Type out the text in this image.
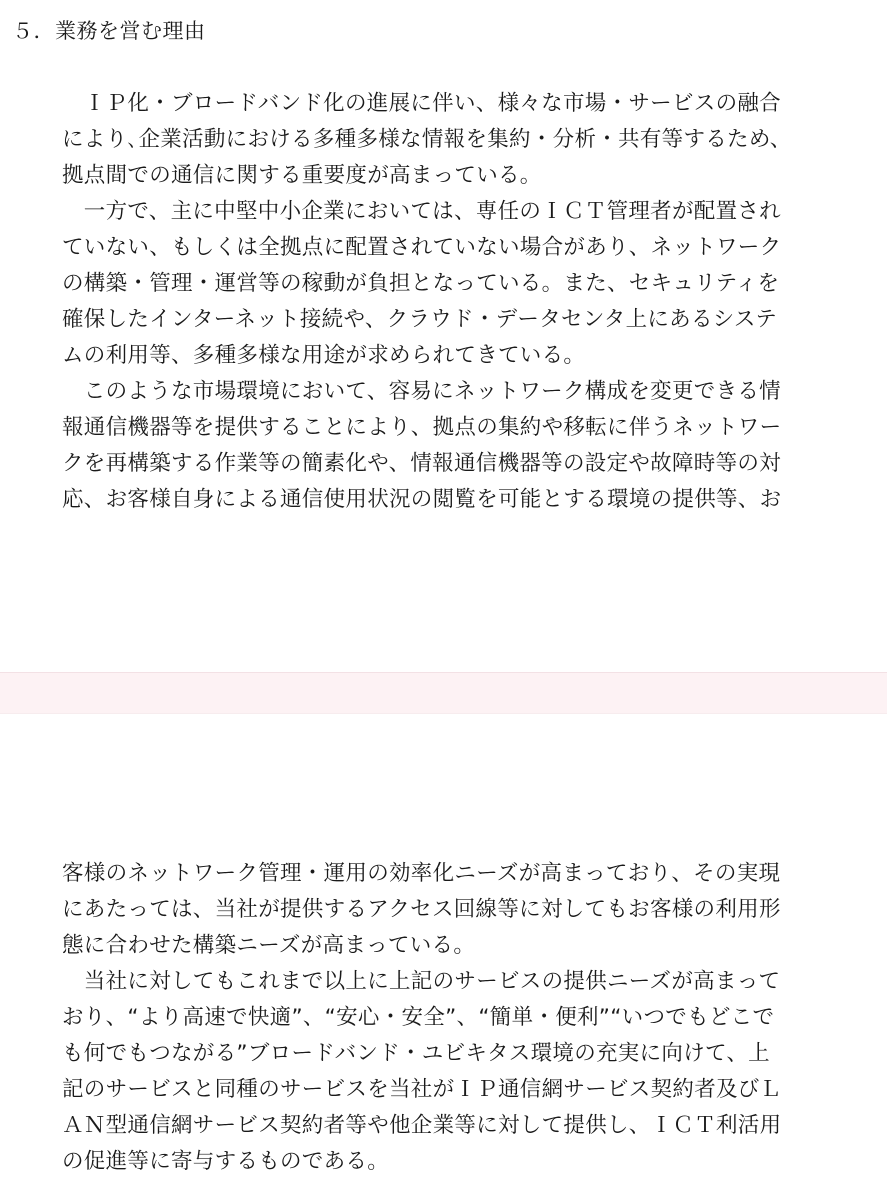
５．業務を営む理由
　ＩＰ化・ブロードバンド化の進展に伴い、様々な市場・サービスの融合
により､企業活動における多種多様な情報を集約・分析・共有等するため、
拠点間での通信に関する重要度が高まっている。
　一方で、主に中堅中小企業においては、専任のＩＣＴ管理者が配置され
ていない、もしくは全拠点に配置されていない場合があり、ネットワーク
の構築・管理・運営等の稼動が負担となっている。また、セキュリティを
確保したインターネット接続や、クラウド・データセンタ上にあるシステ
ムの利用等、多種多様な用途が求められてきている。
　このような市場環境において、容易にネットワーク構成を変更できる情
報通信機器等を提供することにより、拠点の集約や移転に伴うネットワー
クを再構築する作業等の簡素化や、情報通信機器等の設定や故障時等の対
応、お客様自身による通信使用状況の閲覧を可能とする環境の提供等、お
客様のネットワーク管理・運用の効率化ニーズが高まっており、その実現
にあたっては、当社が提供するアクセス回線等に対してもお客様の利用形
態に合わせた構築ニーズが高まっている。
　当社に対してもこれまで以上に上記のサービスの提供ニーズが高まって
おり、“より高速で快適”、“安心・安全”、“簡単・便利”“いつでもどこで
も何でもつながる”ブロードバンド・ユビキタス環境の充実に向けて、上
記のサービスと同種のサービスを当社がＩＰ通信網サービス契約者及びＬ
ＡＮ型通信網サービス契約者等や他企業等に対して提供し、ＩＣＴ利活用
の促進等に寄与するものである。
